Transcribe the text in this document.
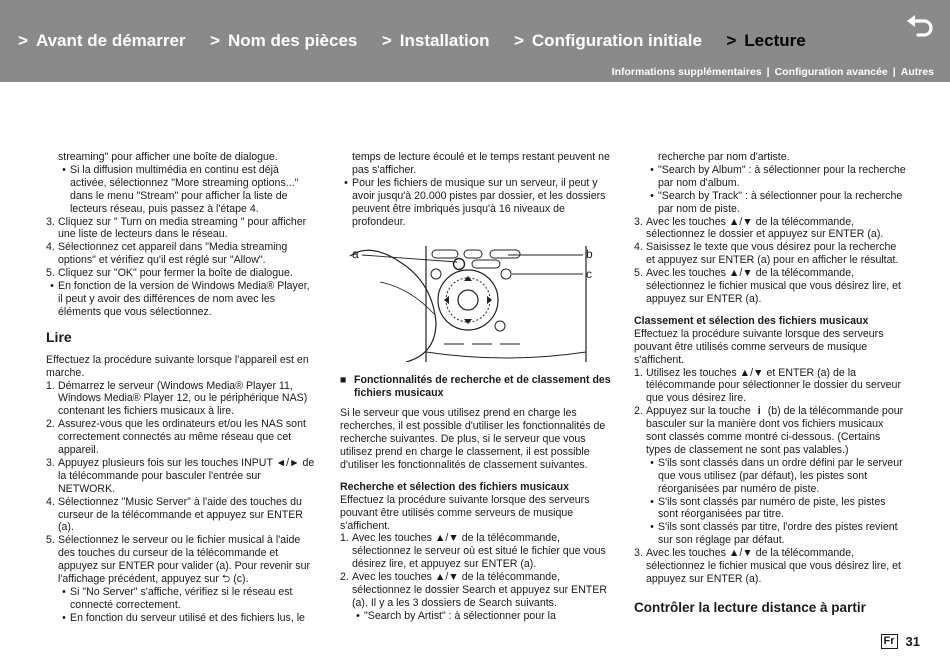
> Avant de démarrer > Nom des pièces > Installation > Configuration initiale > Lecture
Informations supplémentaires | Configuration avancée | Autres

streaming" pour afficher une boîte de dialogue.

• Si la diffusion multimédia en continu est déjà activée, sélectionnez "More streaming options..." dans le menu "Stream" pour afficher la liste de lecteurs réseau, puis passez à l'étape 4.
3. Cliquez sur " Turn on media streaming " pour afficher une liste de lecteurs dans le réseau.
4. Sélectionnez cet appareil dans "Media streaming options" et vérifiez qu'il est réglé sur "Allow".
5. Cliquez sur "OK" pour fermer la boîte de dialogue.
• En fonction de la version de Windows Media® Player, il peut y avoir des différences de nom avec les éléments que vous sélectionnez.
Lire

Effectuez la procédure suivante lorsque l'appareil est en marche.

1. Démarrez le serveur (Windows Media® Player 11, Windows Media® Player 12, ou le périphérique NAS) contenant les fichiers musicaux à lire.
2. Assurez-vous que les ordinateurs et/ou les NAS sont correctement connectés au même réseau que cet appareil.
3. Appuyez plusieurs fois sur les touches INPUT ◄/► de la télécommande pour basculer l'entrée sur NETWORK.
4. Sélectionnez "Music Server" à l'aide des touches du curseur de la télécommande et appuyez sur ENTER (a).
5. Sélectionnez le serveur ou le fichier musical à l'aide des touches du curseur de la télécommande et appuyez sur ENTER pour valider (a). Pour revenir sur l'affichage précédent, appuyez sur ⮌ (c).
• Si "No Server" s'affiche, vérifiez si le réseau est connecté correctement.
• En fonction du serveur utilisé et des fichiers lus, le

temps de lecture écoulé et le temps restant peuvent ne pas s'afficher.

• Pour les fichiers de musique sur un serveur, il peut y avoir jusqu'à 20.000 pistes par dossier, et les dossiers peuvent être imbriqués jusqu'à 16 niveaux de profondeur.
a	b
c
■ Fonctionnalités de recherche et de classement des fichiers musicaux

Si le serveur que vous utilisez prend en charge les recherches, il est possible d'utiliser les fonctionnalités de recherche suivantes. De plus, si le serveur que vous utilisez prend en charge le classement, il est possible d'utiliser les fonctionnalités de classement suivantes.

Recherche et sélection des fichiers musicaux

Effectuez la procédure suivante lorsque des serveurs pouvant être utilisés comme serveurs de musique s'affichent.

1. Avec les touches ▲/▼ de la télécommande, sélectionnez le serveur où est situé le fichier que vous désirez lire, et appuyez sur ENTER (a).
2. Avec les touches ▲/▼ de la télécommande, sélectionnez le dossier Search et appuyez sur ENTER (a). Il y a les 3 dossiers de Search suivants.
• "Search by Artist" : à sélectionner pour la

recherche par nom d'artiste.

• "Search by Album" : à sélectionner pour la recherche par nom d'album.
• "Search by Track" : à sélectionner pour la recherche par nom de piste.
3. Avec les touches ▲/▼ de la télécommande, sélectionnez le dossier et appuyez sur ENTER (a).
4. Saisissez le texte que vous désirez pour la recherche et appuyez sur ENTER (a) pour en afficher le résultat.
5. Avec les touches ▲/▼ de la télécommande, sélectionnez le fichier musical que vous désirez lire, et appuyez sur ENTER (a).

Classement et sélection des fichiers musicaux

Effectuez la procédure suivante lorsque des serveurs pouvant être utilisés comme serveurs de musique s'affichent.

1. Utilisez les touches ▲/▼ et ENTER (a) de la télécommande pour sélectionner le dossier du serveur que vous désirez lire.
2. Appuyez sur la touche i (b) de la télécommande pour basculer sur la manière dont vos fichiers musicaux sont classés comme montré ci-dessous. (Certains types de classement ne sont pas valables.)
• S'ils sont classés dans un ordre défini par le serveur que vous utilisez (par défaut), les pistes sont réorganisées par numéro de piste.
• S'ils sont classés par numéro de piste, les pistes sont réorganisées par titre.
• S'ils sont classés par titre, l'ordre des pistes revient sur son réglage par défaut.
3. Avec les touches ▲/▼ de la télécommande, sélectionnez le fichier musical que vous désirez lire, et appuyez sur ENTER (a).
Contrôler la lecture distance à partir
Fr 31
